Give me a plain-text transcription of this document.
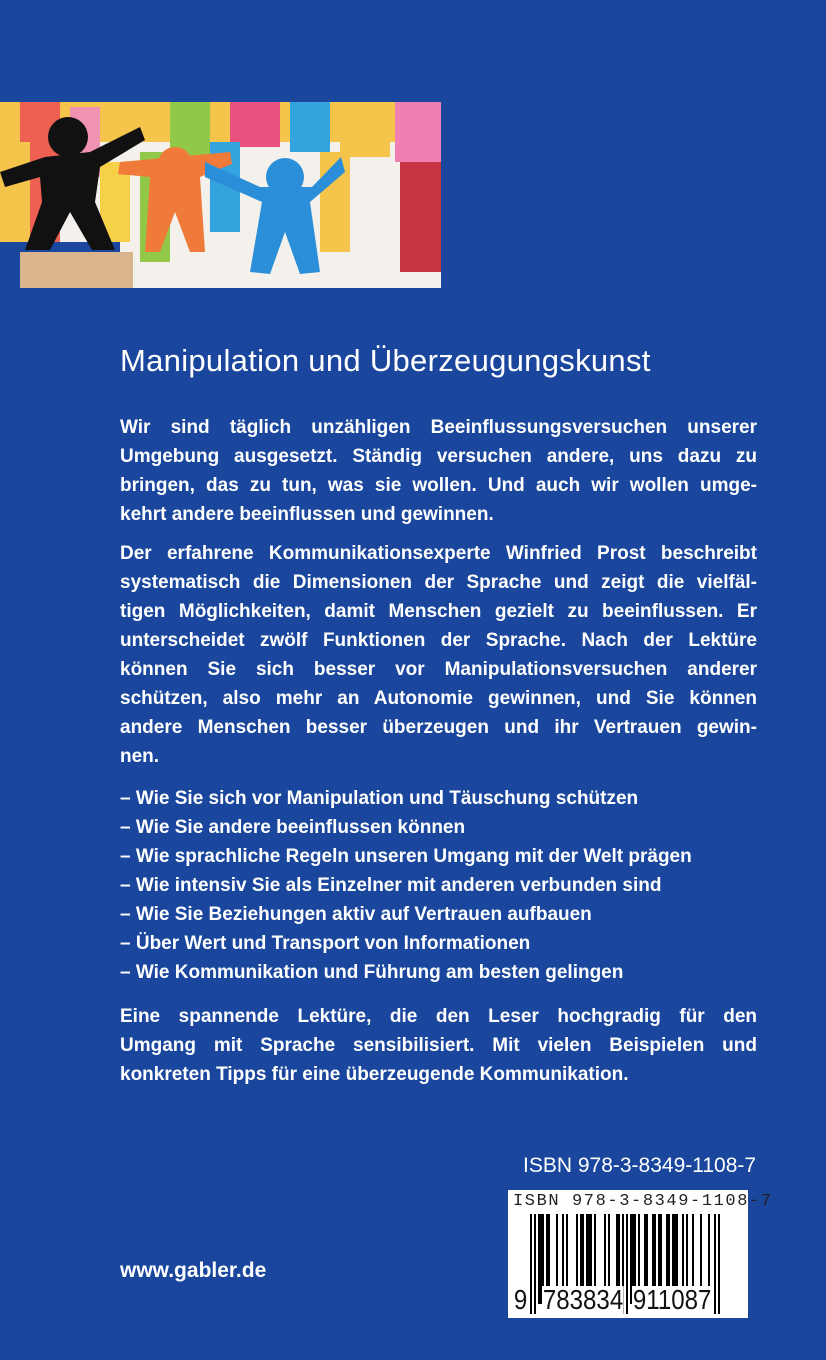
Manipulation und Überzeugungskunst
Wir sind täglich unzähligen Beeinflussungsversuchen unserer
Umgebung ausgesetzt. Ständig versuchen andere, uns dazu zu
bringen, das zu tun, was sie wollen. Und auch wir wollen umge-
kehrt andere beeinflussen und gewinnen.
Der erfahrene Kommunikationsexperte Winfried Prost beschreibt
systematisch die Dimensionen der Sprache und zeigt die vielfäl-
tigen Möglichkeiten, damit Menschen gezielt zu beeinflussen. Er
unterscheidet zwölf Funktionen der Sprache. Nach der Lektüre
können Sie sich besser vor Manipulationsversuchen anderer
schützen, also mehr an Autonomie gewinnen, und Sie können
andere Menschen besser überzeugen und ihr Vertrauen gewin-
nen.
– Wie Sie sich vor Manipulation und Täuschung schützen
– Wie Sie andere beeinflussen können
– Wie sprachliche Regeln unseren Umgang mit der Welt prägen
– Wie intensiv Sie als Einzelner mit anderen verbunden sind
– Wie Sie Beziehungen aktiv auf Vertrauen aufbauen
– Über Wert und Transport von Informationen
– Wie Kommunikation und Führung am besten gelingen
Eine spannende Lektüre, die den Leser hochgradig für den
Umgang mit Sprache sensibilisiert. Mit vielen Beispielen und
konkreten Tipps für eine überzeugende Kommunikation.
ISBN 978-3-8349-1108-7
ISBN 978-3-8349-1108-7
9 783834 911087
www.gabler.de
